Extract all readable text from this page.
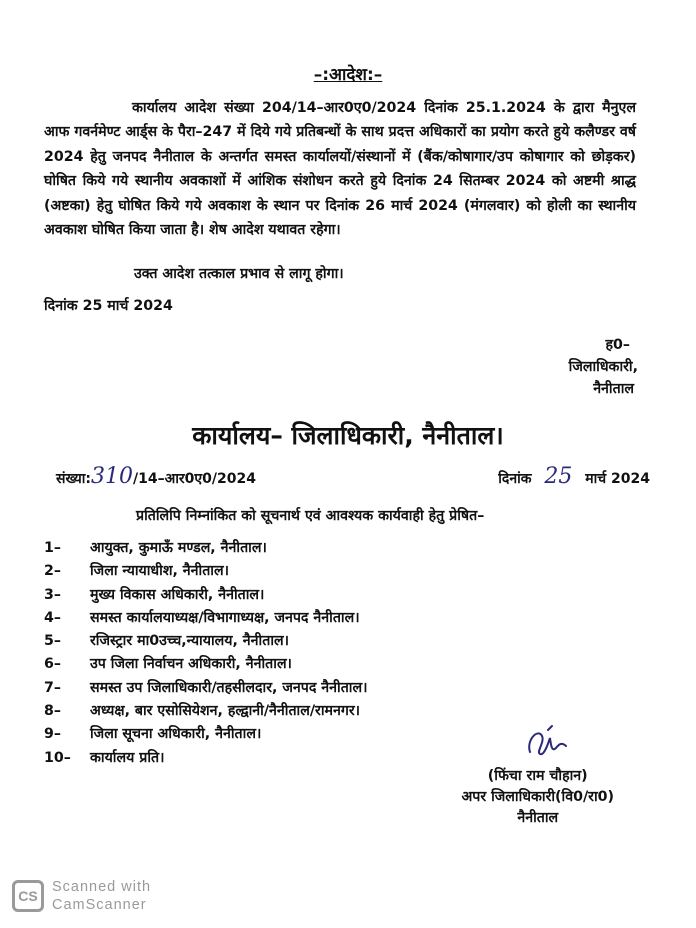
–:आदेश:–
कार्यालय आदेश संख्या 204/14–आर0ए0/2024 दिनांक 25.1.2024 के द्वारा मैनुएल आफ गवर्नमेण्ट आर्ड्स के पैरा–247 में दिये गये प्रतिबन्धों के साथ प्रदत्त अधिकारों का प्रयोग करते हुये कलैण्डर वर्ष 2024 हेतु जनपद नैनीताल के अन्तर्गत समस्त कार्यालयों/संस्थानों में (बैंक/कोषागार/उप कोषागार को छोड़कर) घोषित किये गये स्थानीय अवकाशों में आंशिक संशोधन करते हुये दिनांक 24 सितम्बर 2024 को अष्टमी श्राद्ध (अष्टका) हेतु घोषित किये गये अवकाश के स्थान पर दिनांक 26 मार्च 2024 (मंगलवार) को होली का स्थानीय अवकाश घोषित किया जाता है। शेष आदेश यथावत रहेगा।
उक्त आदेश तत्काल प्रभाव से लागू होगा।
दिनांक 25 मार्च 2024
ह0–
जिलाधिकारी,
नैनीताल
कार्यालय– जिलाधिकारी, नैनीताल।
संख्या:310/14–आर0ए0/2024	दिनांक 25 मार्च 2024
प्रतिलिपि निम्नांकित को सूचनार्थ एवं आवश्यक कार्यवाही हेतु प्रेषित–
1– आयुक्त, कुमाऊँ मण्डल, नैनीताल।
2– जिला न्यायाधीश, नैनीताल।
3– मुख्य विकास अधिकारी, नैनीताल।
4– समस्त कार्यालयाध्यक्ष/विभागाध्यक्ष, जनपद नैनीताल।
5– रजिस्ट्रार मा0उच्च,न्यायालय, नैनीताल।
6– उप जिला निर्वाचन अधिकारी, नैनीताल।
7– समस्त उप जिलाधिकारी/तहसीलदार, जनपद नैनीताल।
8– अध्यक्ष, बार एसोसियेशन, हल्द्वानी/नैनीताल/रामनगर।
9– जिला सूचना अधिकारी, नैनीताल।
10– कार्यालय प्रति।
(फिंचा राम चौहान)
अपर जिलाधिकारी(वि0/रा0)
नैनीताल
CS
Scanned with
CamScanner
